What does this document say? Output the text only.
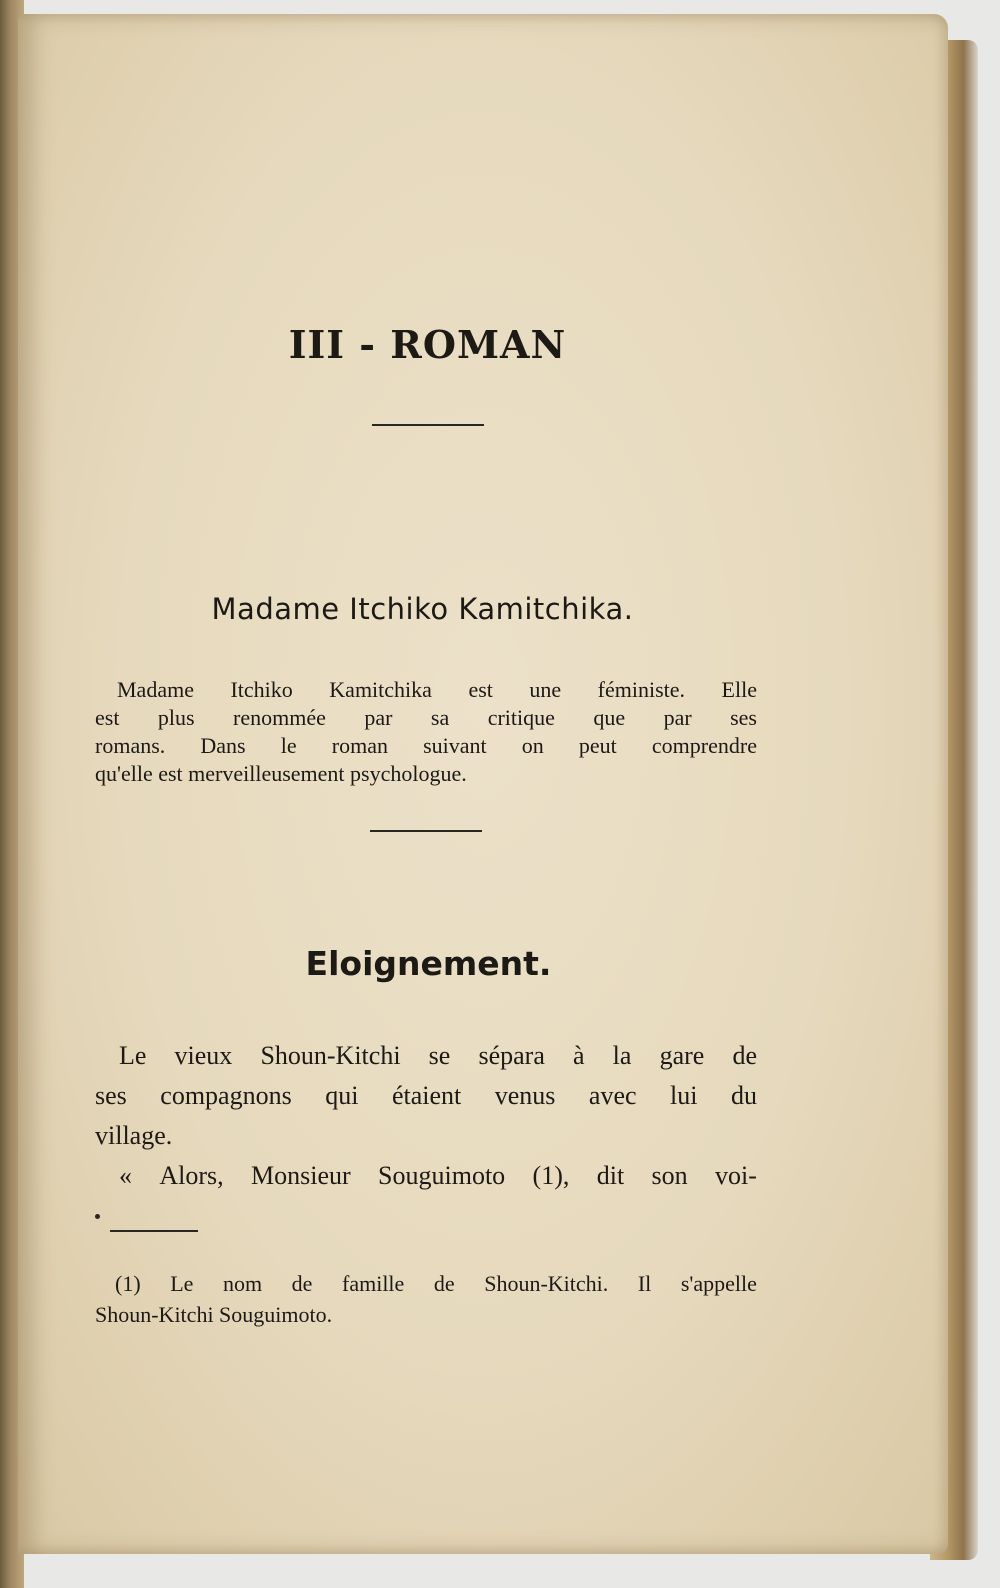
III - ROMAN
Madame Itchiko Kamitchika.
Madame Itchiko Kamitchika est une féministe. Elle
est plus renommée par sa critique que par ses
romans. Dans le roman suivant on peut comprendre
qu'elle est merveilleusement psychologue.
Eloignement.
Le vieux Shoun-Kitchi se sépara à la gare de
ses compagnons qui étaient venus avec lui du
village.
« Alors, Monsieur Souguimoto (1), dit son voi-
(1) Le nom de famille de Shoun-Kitchi. Il s'appelle
Shoun-Kitchi Souguimoto.
